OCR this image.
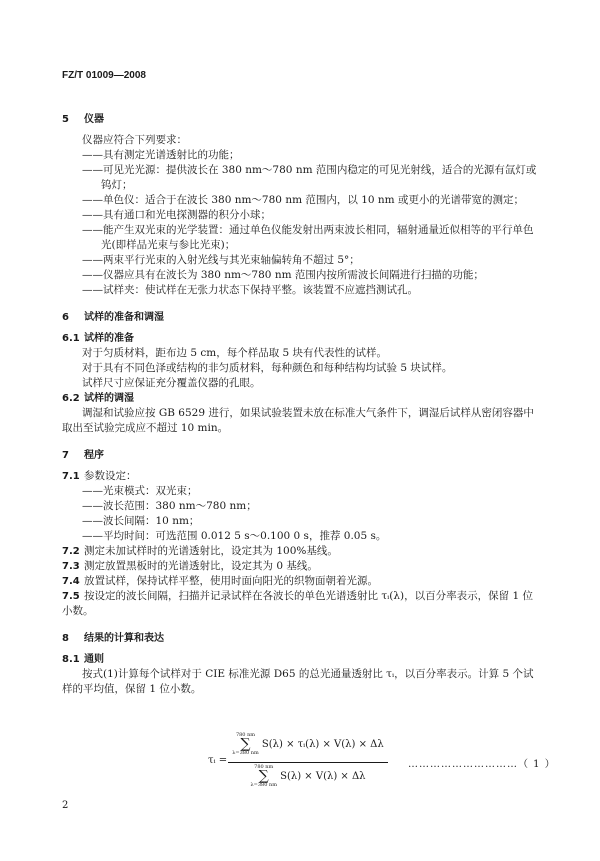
FZ/T 01009—2008
5 仪器

仪器应符合下列要求：

——具有测定光谱透射比的功能；

——可见光光源：提供波长在 380 nm～780 nm 范围内稳定的可见光射线，适合的光源有氙灯或

钨灯；

——单色仪：适合于在波长 380 nm～780 nm 范围内，以 10 nm 或更小的光谱带宽的测定；

——具有通口和光电探测器的积分小球；

——能产生双光束的光学装置：通过单色仪能发射出两束波长相同，辐射通量近似相等的平行单色

光(即样品光束与参比光束)；

——两束平行光束的入射光线与其光束轴偏转角不超过 5°；

——仪器应具有在波长为 380 nm～780 nm 范围内按所需波长间隔进行扫描的功能；

——试样夹：使试样在无张力状态下保持平整。该装置不应遮挡测试孔。

6 试样的准备和调湿
6.1 试样的准备

对于匀质材料，距布边 5 cm，每个样品取 5 块有代表性的试样。

对于具有不同色泽或结构的非匀质材料，每种颜色和每种结构均试验 5 块试样。

试样尺寸应保证充分覆盖仪器的孔眼。

6.2 试样的调湿

调湿和试验应按 GB 6529 进行，如果试验装置未放在标准大气条件下，调湿后试样从密闭容器中

取出至试验完成应不超过 10 min。

7 程序

7.1 参数设定：

——光束模式：双光束；

——波长范围：380 nm～780 nm；

——波长间隔：10 nm；

——平均时间：可选范围 0.012 5 s～0.100 0 s，推荐 0.05 s。

7.2 测定未加试样时的光谱透射比，设定其为 100%基线。

7.3 测定放置黑板时的光谱透射比，设定其为 0 基线。

7.4 放置试样，保持试样平整，使用时面向阳光的织物面朝着光源。

7.5 按设定的波长间隔，扫描并记录试样在各波长的单色光谱透射比 τᵢ(λ)，以百分率表示，保留 1 位

小数。

8 结果的计算和表达
8.1 通则

按式(1)计算每个试样对于 CIE 标准光源 D65 的总光通量透射比 τᵢ，以百分率表示。计算 5 个试

样的平均值，保留 1 位小数。

τᵢ =
780 nm
∑
λ=380 nm
S(λ) × τᵢ(λ) × V(λ) × Δλ
780 nm
∑
λ=380 nm
S(λ) × V(λ) × Δλ
…………………………（ 1 ）
2
